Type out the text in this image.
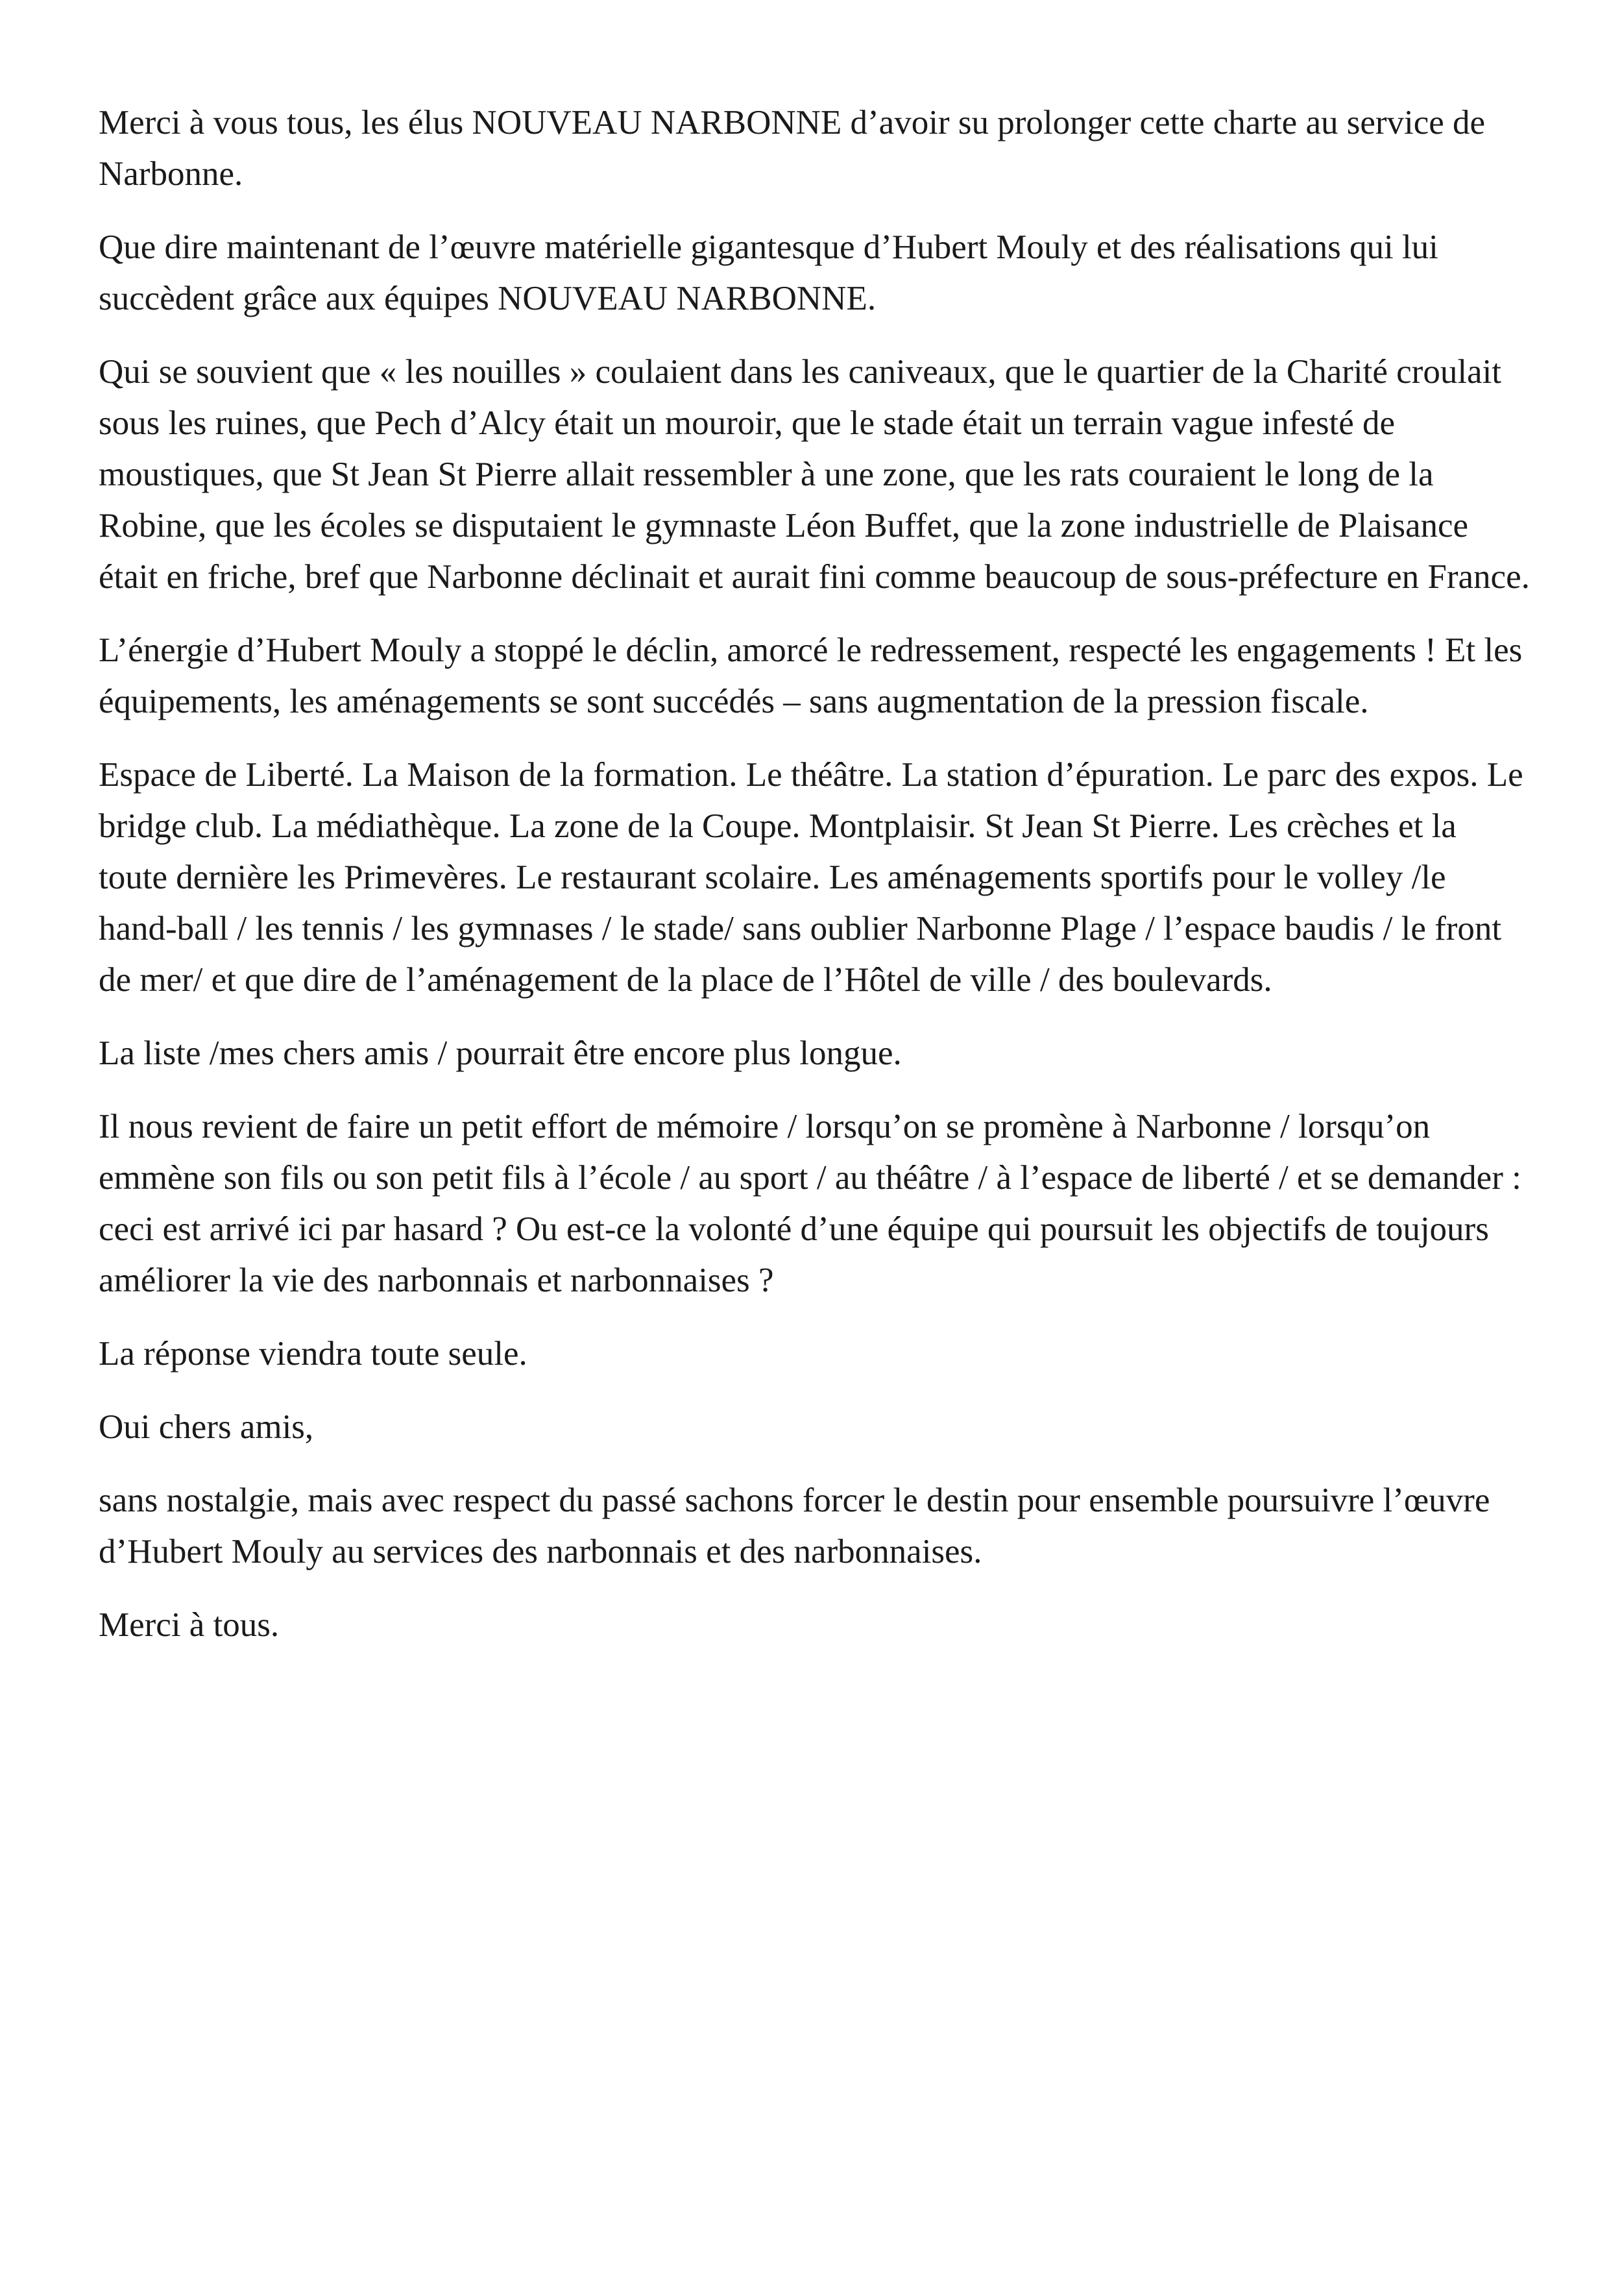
Merci à vous tous, les élus NOUVEAU NARBONNE d’avoir su prolonger cette charte au service de Narbonne.

Que dire maintenant de l’œuvre matérielle gigantesque d’Hubert Mouly et des réalisations qui lui succèdent grâce aux équipes NOUVEAU NARBONNE.

Qui se souvient que « les nouilles » coulaient dans les caniveaux, que le quartier de la Charité croulait sous les ruines, que Pech d’Alcy était un mouroir, que le stade était un terrain vague infesté de moustiques, que St Jean St Pierre allait ressembler à une zone, que les rats couraient le long de la Robine, que les écoles se disputaient le gymnaste Léon Buffet, que la zone industrielle de Plaisance était en friche, bref que Narbonne déclinait et aurait fini comme beaucoup de sous-préfecture en France.

L’énergie d’Hubert Mouly a stoppé le déclin, amorcé le redressement, respecté les engagements ! Et les équipements, les aménagements se sont succédés – sans augmentation de la pression fiscale.

Espace de Liberté. La Maison de la formation. Le théâtre. La station d’épuration. Le parc des expos. Le bridge club. La médiathèque. La zone de la Coupe. Montplaisir. St Jean St Pierre. Les crèches et la toute dernière les Primevères. Le restaurant scolaire. Les aménagements sportifs pour le volley /le hand-ball / les tennis / les gymnases / le stade/ sans oublier Narbonne Plage / l’espace baudis / le front de mer/ et que dire de l’aménagement de la place de l’Hôtel de ville / des boulevards.

La liste /mes chers amis / pourrait être encore plus longue.

Il nous revient de faire un petit effort de mémoire / lorsqu’on se promène à Narbonne / lorsqu’on emmène son fils ou son petit fils à l’école / au sport / au théâtre / à l’espace de liberté / et se demander : ceci est arrivé ici par hasard ? Ou est-ce la volonté d’une équipe qui poursuit les objectifs de toujours améliorer la vie des narbonnais et narbonnaises ?

La réponse viendra toute seule.

Oui chers amis,

sans nostalgie, mais avec respect du passé sachons forcer le destin pour ensemble poursuivre l’œuvre d’Hubert Mouly au services des narbonnais et des narbonnaises.

Merci à tous.
